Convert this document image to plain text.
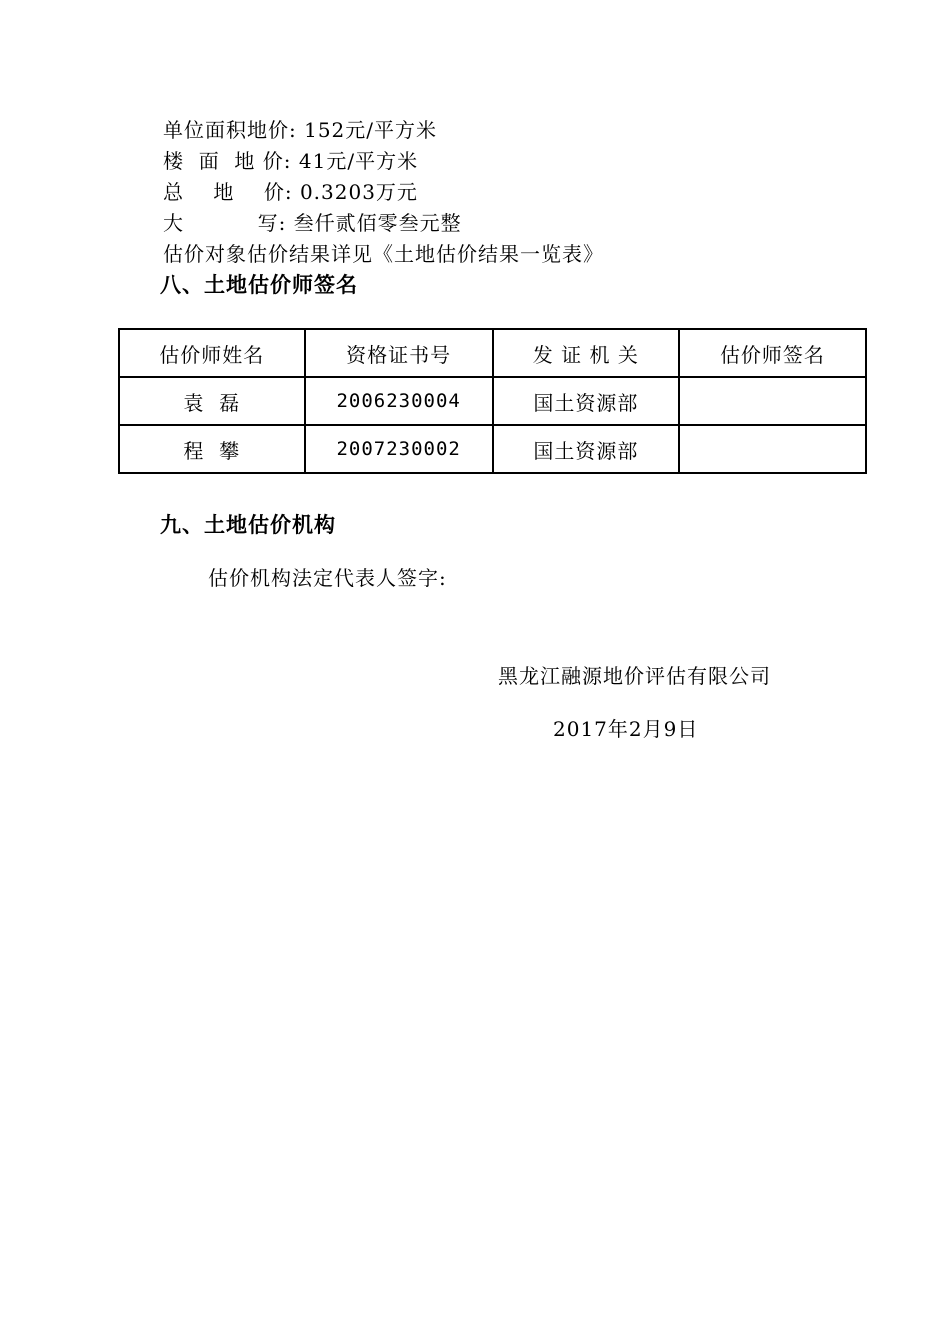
单位面积地价: 152元/平方米
楼  面  地 价: 41元/平方米
总    地    价: 0.3203万元
大          写: 叁仟贰佰零叁元整
估价对象估价结果详见《土地估价结果一览表》
八、土地估价师签名
估价师姓名	资格证书号	发 证 机 关	估价师签名
袁  磊	2006230004	国土资源部	
程  攀	2007230002	国土资源部	
九、土地估价机构
估价机构法定代表人签字:
黑龙江融源地价评估有限公司
2017年2月9日
